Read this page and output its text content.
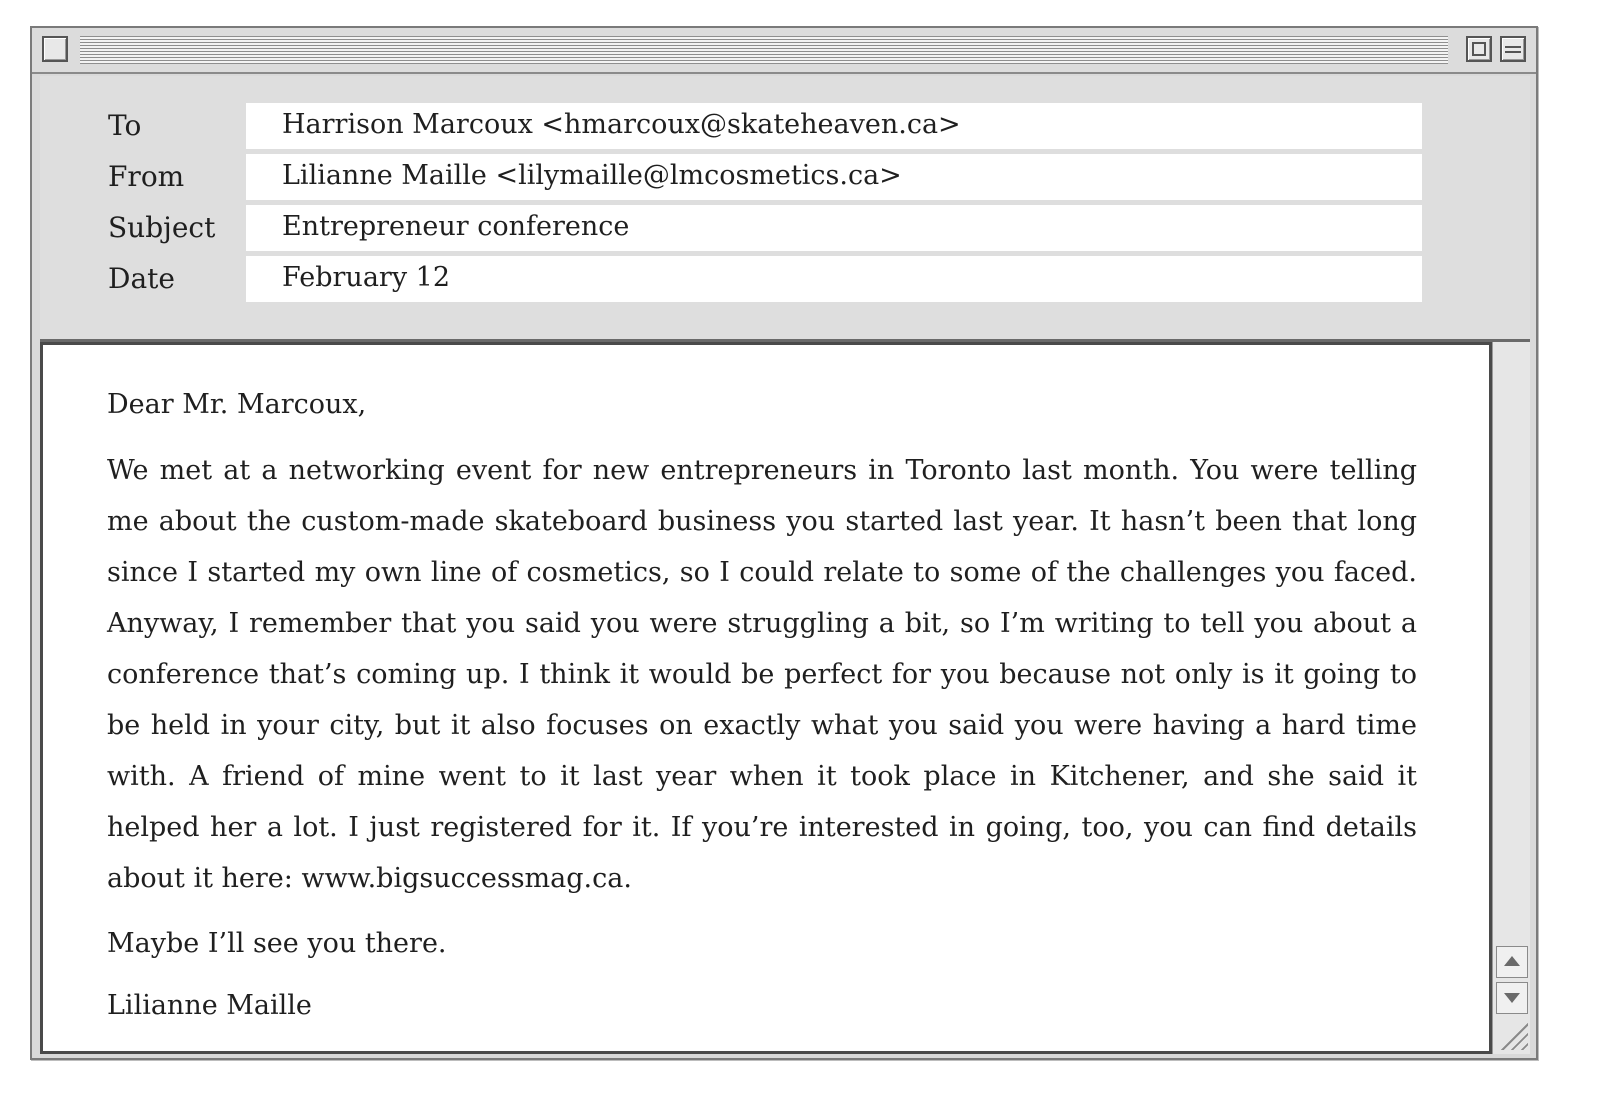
To	Harrison Marcoux <hmarcoux@skateheaven.ca>
From	Lilianne Maille <lilymaille@lmcosmetics.ca>
Subject	Entrepreneur conference
Date	February 12

Dear Mr. Marcoux,

We met at a networking event for new entrepreneurs in Toronto last month. You were telling me about the custom-made skateboard business you started last year. It hasn’t been that long since I started my own line of cosmetics, so I could relate to some of the challenges you faced. Anyway, I remember that you said you were struggling a bit, so I’m writing to tell you about a conference that’s coming up. I think it would be perfect for you because not only is it going to be held in your city, but it also focuses on exactly what you said you were having a hard time with. A friend of mine went to it last year when it took place in Kitchener, and she said it helped her a lot. I just registered for it. If you’re interested in going, too, you can find details about it here: www.bigsuccessmag.ca.

Maybe I’ll see you there.

Lilianne Maille
